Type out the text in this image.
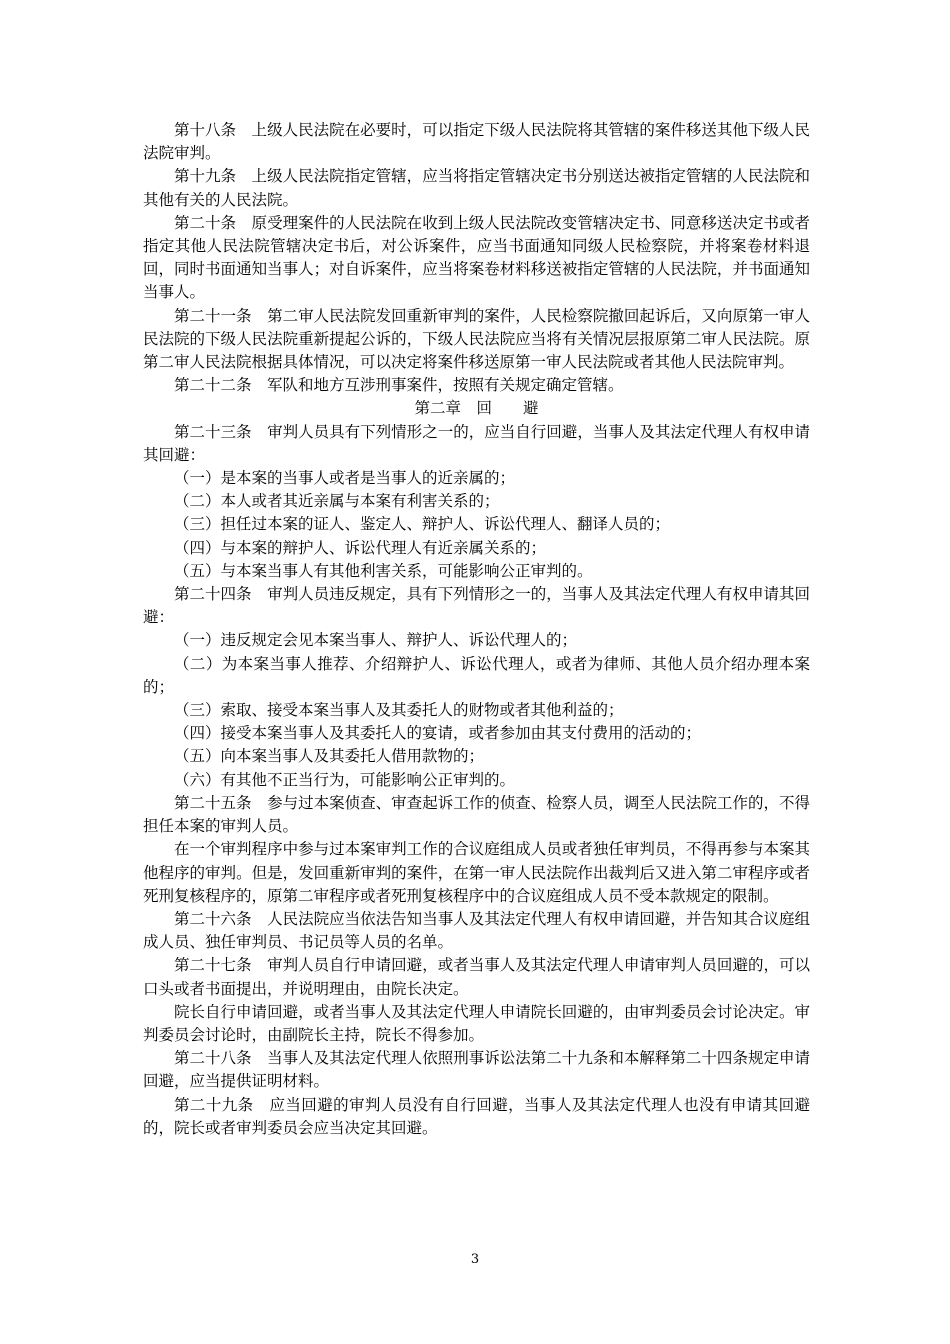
第十八条　上级人民法院在必要时，可以指定下级人民法院将其管辖的案件移送其他下级人民法院审判。

第十九条　上级人民法院指定管辖，应当将指定管辖决定书分别送达被指定管辖的人民法院和其他有关的人民法院。

第二十条　原受理案件的人民法院在收到上级人民法院改变管辖决定书、同意移送决定书或者指定其他人民法院管辖决定书后，对公诉案件，应当书面通知同级人民检察院，并将案卷材料退回，同时书面通知当事人；对自诉案件，应当将案卷材料移送被指定管辖的人民法院，并书面通知当事人。

第二十一条　第二审人民法院发回重新审判的案件，人民检察院撤回起诉后，又向原第一审人民法院的下级人民法院重新提起公诉的，下级人民法院应当将有关情况层报原第二审人民法院。原第二审人民法院根据具体情况，可以决定将案件移送原第一审人民法院或者其他人民法院审判。

第二十二条　军队和地方互涉刑事案件，按照有关规定确定管辖。

第二章　回　　避

第二十三条　审判人员具有下列情形之一的，应当自行回避，当事人及其法定代理人有权申请其回避：

（一）是本案的当事人或者是当事人的近亲属的；

（二）本人或者其近亲属与本案有利害关系的；

（三）担任过本案的证人、鉴定人、辩护人、诉讼代理人、翻译人员的；

（四）与本案的辩护人、诉讼代理人有近亲属关系的；

（五）与本案当事人有其他利害关系，可能影响公正审判的。

第二十四条　审判人员违反规定，具有下列情形之一的，当事人及其法定代理人有权申请其回避：

（一）违反规定会见本案当事人、辩护人、诉讼代理人的；

（二）为本案当事人推荐、介绍辩护人、诉讼代理人，或者为律师、其他人员介绍办理本案的；

（三）索取、接受本案当事人及其委托人的财物或者其他利益的；

（四）接受本案当事人及其委托人的宴请，或者参加由其支付费用的活动的；

（五）向本案当事人及其委托人借用款物的；

（六）有其他不正当行为，可能影响公正审判的。

第二十五条　参与过本案侦查、审查起诉工作的侦查、检察人员，调至人民法院工作的，不得担任本案的审判人员。

在一个审判程序中参与过本案审判工作的合议庭组成人员或者独任审判员，不得再参与本案其他程序的审判。但是，发回重新审判的案件，在第一审人民法院作出裁判后又进入第二审程序或者死刑复核程序的，原第二审程序或者死刑复核程序中的合议庭组成人员不受本款规定的限制。

第二十六条　人民法院应当依法告知当事人及其法定代理人有权申请回避，并告知其合议庭组成人员、独任审判员、书记员等人员的名单。

第二十七条　审判人员自行申请回避，或者当事人及其法定代理人申请审判人员回避的，可以口头或者书面提出，并说明理由，由院长决定。

院长自行申请回避，或者当事人及其法定代理人申请院长回避的，由审判委员会讨论决定。审判委员会讨论时，由副院长主持，院长不得参加。

第二十八条　当事人及其法定代理人依照刑事诉讼法第二十九条和本解释第二十四条规定申请回避，应当提供证明材料。

第二十九条　应当回避的审判人员没有自行回避，当事人及其法定代理人也没有申请其回避的，院长或者审判委员会应当决定其回避。

3
